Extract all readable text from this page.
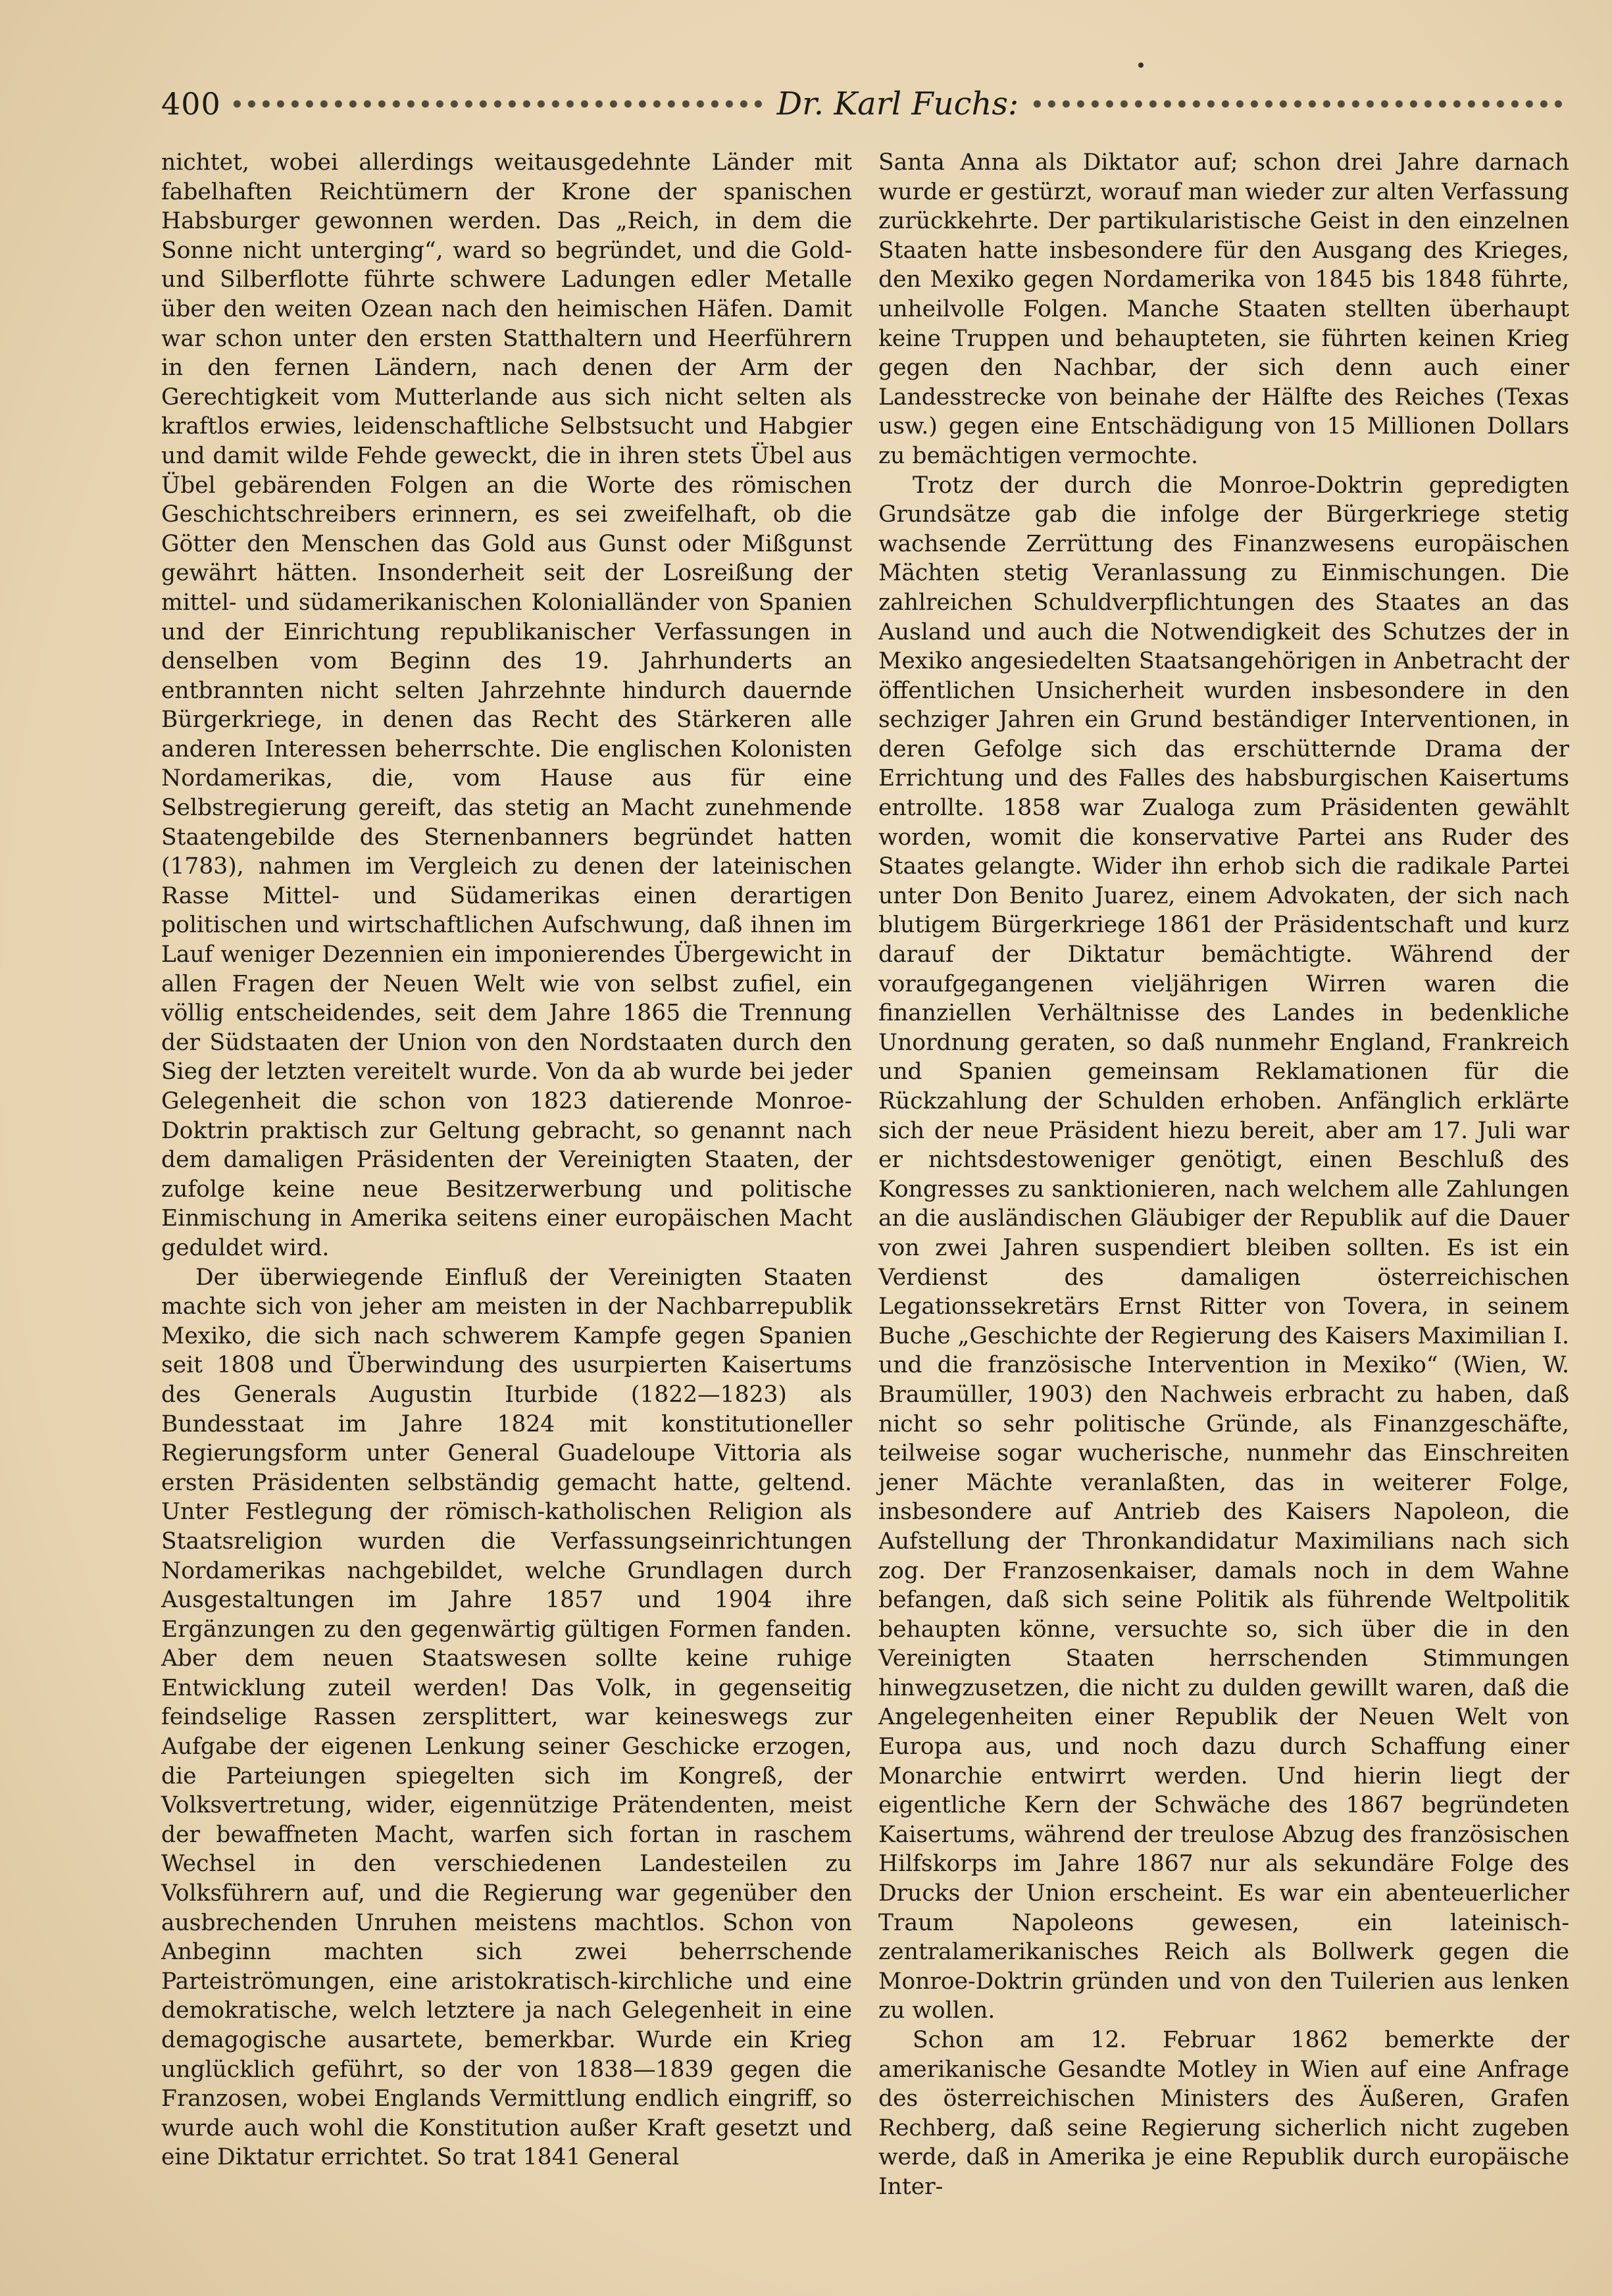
400	Dr. Karl Fuchs:

nichtet, wobei allerdings weitausgedehnte Länder mit fabelhaften Reichtümern der Krone der spanischen Habsburger gewonnen werden. Das „Reich, in dem die Sonne nicht unterging“, ward so begründet, und die Gold- und Silberflotte führte schwere Ladungen edler Metalle über den weiten Ozean nach den heimischen Häfen. Damit war schon unter den ersten Statthaltern und Heerführern in den fernen Ländern, nach denen der Arm der Gerechtigkeit vom Mutterlande aus sich nicht selten als kraftlos erwies, leidenschaftliche Selbstsucht und Habgier und damit wilde Fehde geweckt, die in ihren stets Übel aus Übel gebärenden Folgen an die Worte des römischen Geschichtschreibers erinnern, es sei zweifelhaft, ob die Götter den Menschen das Gold aus Gunst oder Mißgunst gewährt hätten. Insonderheit seit der Losreißung der mittel- und südamerikanischen Kolonialländer von Spanien und der Einrichtung republikanischer Verfassungen in denselben vom Beginn des 19. Jahrhunderts an entbrannten nicht selten Jahrzehnte hindurch dauernde Bürgerkriege, in denen das Recht des Stärkeren alle anderen Interessen beherrschte. Die englischen Kolonisten Nordamerikas, die, vom Hause aus für eine Selbstregierung gereift, das stetig an Macht zunehmende Staatengebilde des Sternenbanners begründet hatten (1783), nahmen im Vergleich zu denen der lateinischen Rasse Mittel- und Südamerikas einen derartigen politischen und wirtschaftlichen Aufschwung, daß ihnen im Lauf weniger Dezennien ein imponierendes Übergewicht in allen Fragen der Neuen Welt wie von selbst zufiel, ein völlig entscheidendes, seit dem Jahre 1865 die Trennung der Südstaaten der Union von den Nordstaaten durch den Sieg der letzten vereitelt wurde. Von da ab wurde bei jeder Gelegenheit die schon von 1823 datierende Monroe-Doktrin praktisch zur Geltung gebracht, so genannt nach dem damaligen Präsidenten der Vereinigten Staaten, der zufolge keine neue Besitzerwerbung und politische Einmischung in Amerika seitens einer europäischen Macht geduldet wird.

Der überwiegende Einfluß der Vereinigten Staaten machte sich von jeher am meisten in der Nachbarrepublik Mexiko, die sich nach schwerem Kampfe gegen Spanien seit 1808 und Überwindung des usurpierten Kaisertums des Generals Augustin Iturbide (1822—1823) als Bundesstaat im Jahre 1824 mit konstitutioneller Regierungsform unter General Guadeloupe Vittoria als ersten Präsidenten selbständig gemacht hatte, geltend. Unter Festlegung der römisch-katholischen Religion als Staatsreligion wurden die Verfassungseinrichtungen Nordamerikas nachgebildet, welche Grundlagen durch Ausgestaltungen im Jahre 1857 und 1904 ihre Ergänzungen zu den gegenwärtig gültigen Formen fanden. Aber dem neuen Staatswesen sollte keine ruhige Entwicklung zuteil werden! Das Volk, in gegenseitig feindselige Rassen zersplittert, war keineswegs zur Aufgabe der eigenen Lenkung seiner Geschicke erzogen, die Parteiungen spiegelten sich im Kongreß, der Volksvertretung, wider, eigennützige Prätendenten, meist der bewaffneten Macht, warfen sich fortan in raschem Wechsel in den verschiedenen Landesteilen zu Volksführern auf, und die Regierung war gegenüber den ausbrechenden Unruhen meistens machtlos. Schon von Anbeginn machten sich zwei beherrschende Parteiströmungen, eine aristokratisch-kirchliche und eine demokratische, welch letztere ja nach Gelegenheit in eine demagogische ausartete, bemerkbar. Wurde ein Krieg unglücklich geführt, so der von 1838—1839 gegen die Franzosen, wobei Englands Vermittlung endlich eingriff, so wurde auch wohl die Konstitution außer Kraft gesetzt und eine Diktatur errichtet. So trat 1841 General

Santa Anna als Diktator auf; schon drei Jahre darnach wurde er gestürzt, worauf man wieder zur alten Verfassung zurückkehrte. Der partikularistische Geist in den einzelnen Staaten hatte insbesondere für den Ausgang des Krieges, den Mexiko gegen Nordamerika von 1845 bis 1848 führte, unheilvolle Folgen. Manche Staaten stellten überhaupt keine Truppen und behaupteten, sie führten keinen Krieg gegen den Nachbar, der sich denn auch einer Landesstrecke von beinahe der Hälfte des Reiches (Texas usw.) gegen eine Entschädigung von 15 Millionen Dollars zu bemächtigen vermochte.

Trotz der durch die Monroe-Doktrin gepredigten Grundsätze gab die infolge der Bürgerkriege stetig wachsende Zerrüttung des Finanzwesens europäischen Mächten stetig Veranlassung zu Einmischungen. Die zahlreichen Schuldverpflichtungen des Staates an das Ausland und auch die Notwendigkeit des Schutzes der in Mexiko angesiedelten Staatsangehörigen in Anbetracht der öffentlichen Unsicherheit wurden insbesondere in den sechziger Jahren ein Grund beständiger Interventionen, in deren Gefolge sich das erschütternde Drama der Errichtung und des Falles des habsburgischen Kaisertums entrollte. 1858 war Zualoga zum Präsidenten gewählt worden, womit die konservative Partei ans Ruder des Staates gelangte. Wider ihn erhob sich die radikale Partei unter Don Benito Juarez, einem Advokaten, der sich nach blutigem Bürgerkriege 1861 der Präsidentschaft und kurz darauf der Diktatur bemächtigte. Während der voraufgegangenen vieljährigen Wirren waren die finanziellen Verhältnisse des Landes in bedenkliche Unordnung geraten, so daß nunmehr England, Frankreich und Spanien gemeinsam Reklamationen für die Rückzahlung der Schulden erhoben. Anfänglich erklärte sich der neue Präsident hiezu bereit, aber am 17. Juli war er nichtsdestoweniger genötigt, einen Beschluß des Kongresses zu sanktionieren, nach welchem alle Zahlungen an die ausländischen Gläubiger der Republik auf die Dauer von zwei Jahren suspendiert bleiben sollten. Es ist ein Verdienst des damaligen österreichischen Legationssekretärs Ernst Ritter von Tovera, in seinem Buche „Geschichte der Regierung des Kaisers Maximilian I. und die französische Intervention in Mexiko“ (Wien, W. Braumüller, 1903) den Nachweis erbracht zu haben, daß nicht so sehr politische Gründe, als Finanzgeschäfte, teilweise sogar wucherische, nunmehr das Einschreiten jener Mächte veranlaßten, das in weiterer Folge, insbesondere auf Antrieb des Kaisers Napoleon, die Aufstellung der Thronkandidatur Maximilians nach sich zog. Der Franzosenkaiser, damals noch in dem Wahne befangen, daß sich seine Politik als führende Weltpolitik behaupten könne, versuchte so, sich über die in den Vereinigten Staaten herrschenden Stimmungen hinwegzusetzen, die nicht zu dulden gewillt waren, daß die Angelegenheiten einer Republik der Neuen Welt von Europa aus, und noch dazu durch Schaffung einer Monarchie entwirrt werden. Und hierin liegt der eigentliche Kern der Schwäche des 1867 begründeten Kaisertums, während der treulose Abzug des französischen Hilfskorps im Jahre 1867 nur als sekundäre Folge des Drucks der Union erscheint. Es war ein abenteuerlicher Traum Napoleons gewesen, ein lateinisch-zentralamerikanisches Reich als Bollwerk gegen die Monroe-Doktrin gründen und von den Tuilerien aus lenken zu wollen.

Schon am 12. Februar 1862 bemerkte der amerikanische Gesandte Motley in Wien auf eine Anfrage des österreichischen Ministers des Äußeren, Grafen Rechberg, daß seine Regierung sicherlich nicht zugeben werde, daß in Amerika je eine Republik durch europäische Inter-
